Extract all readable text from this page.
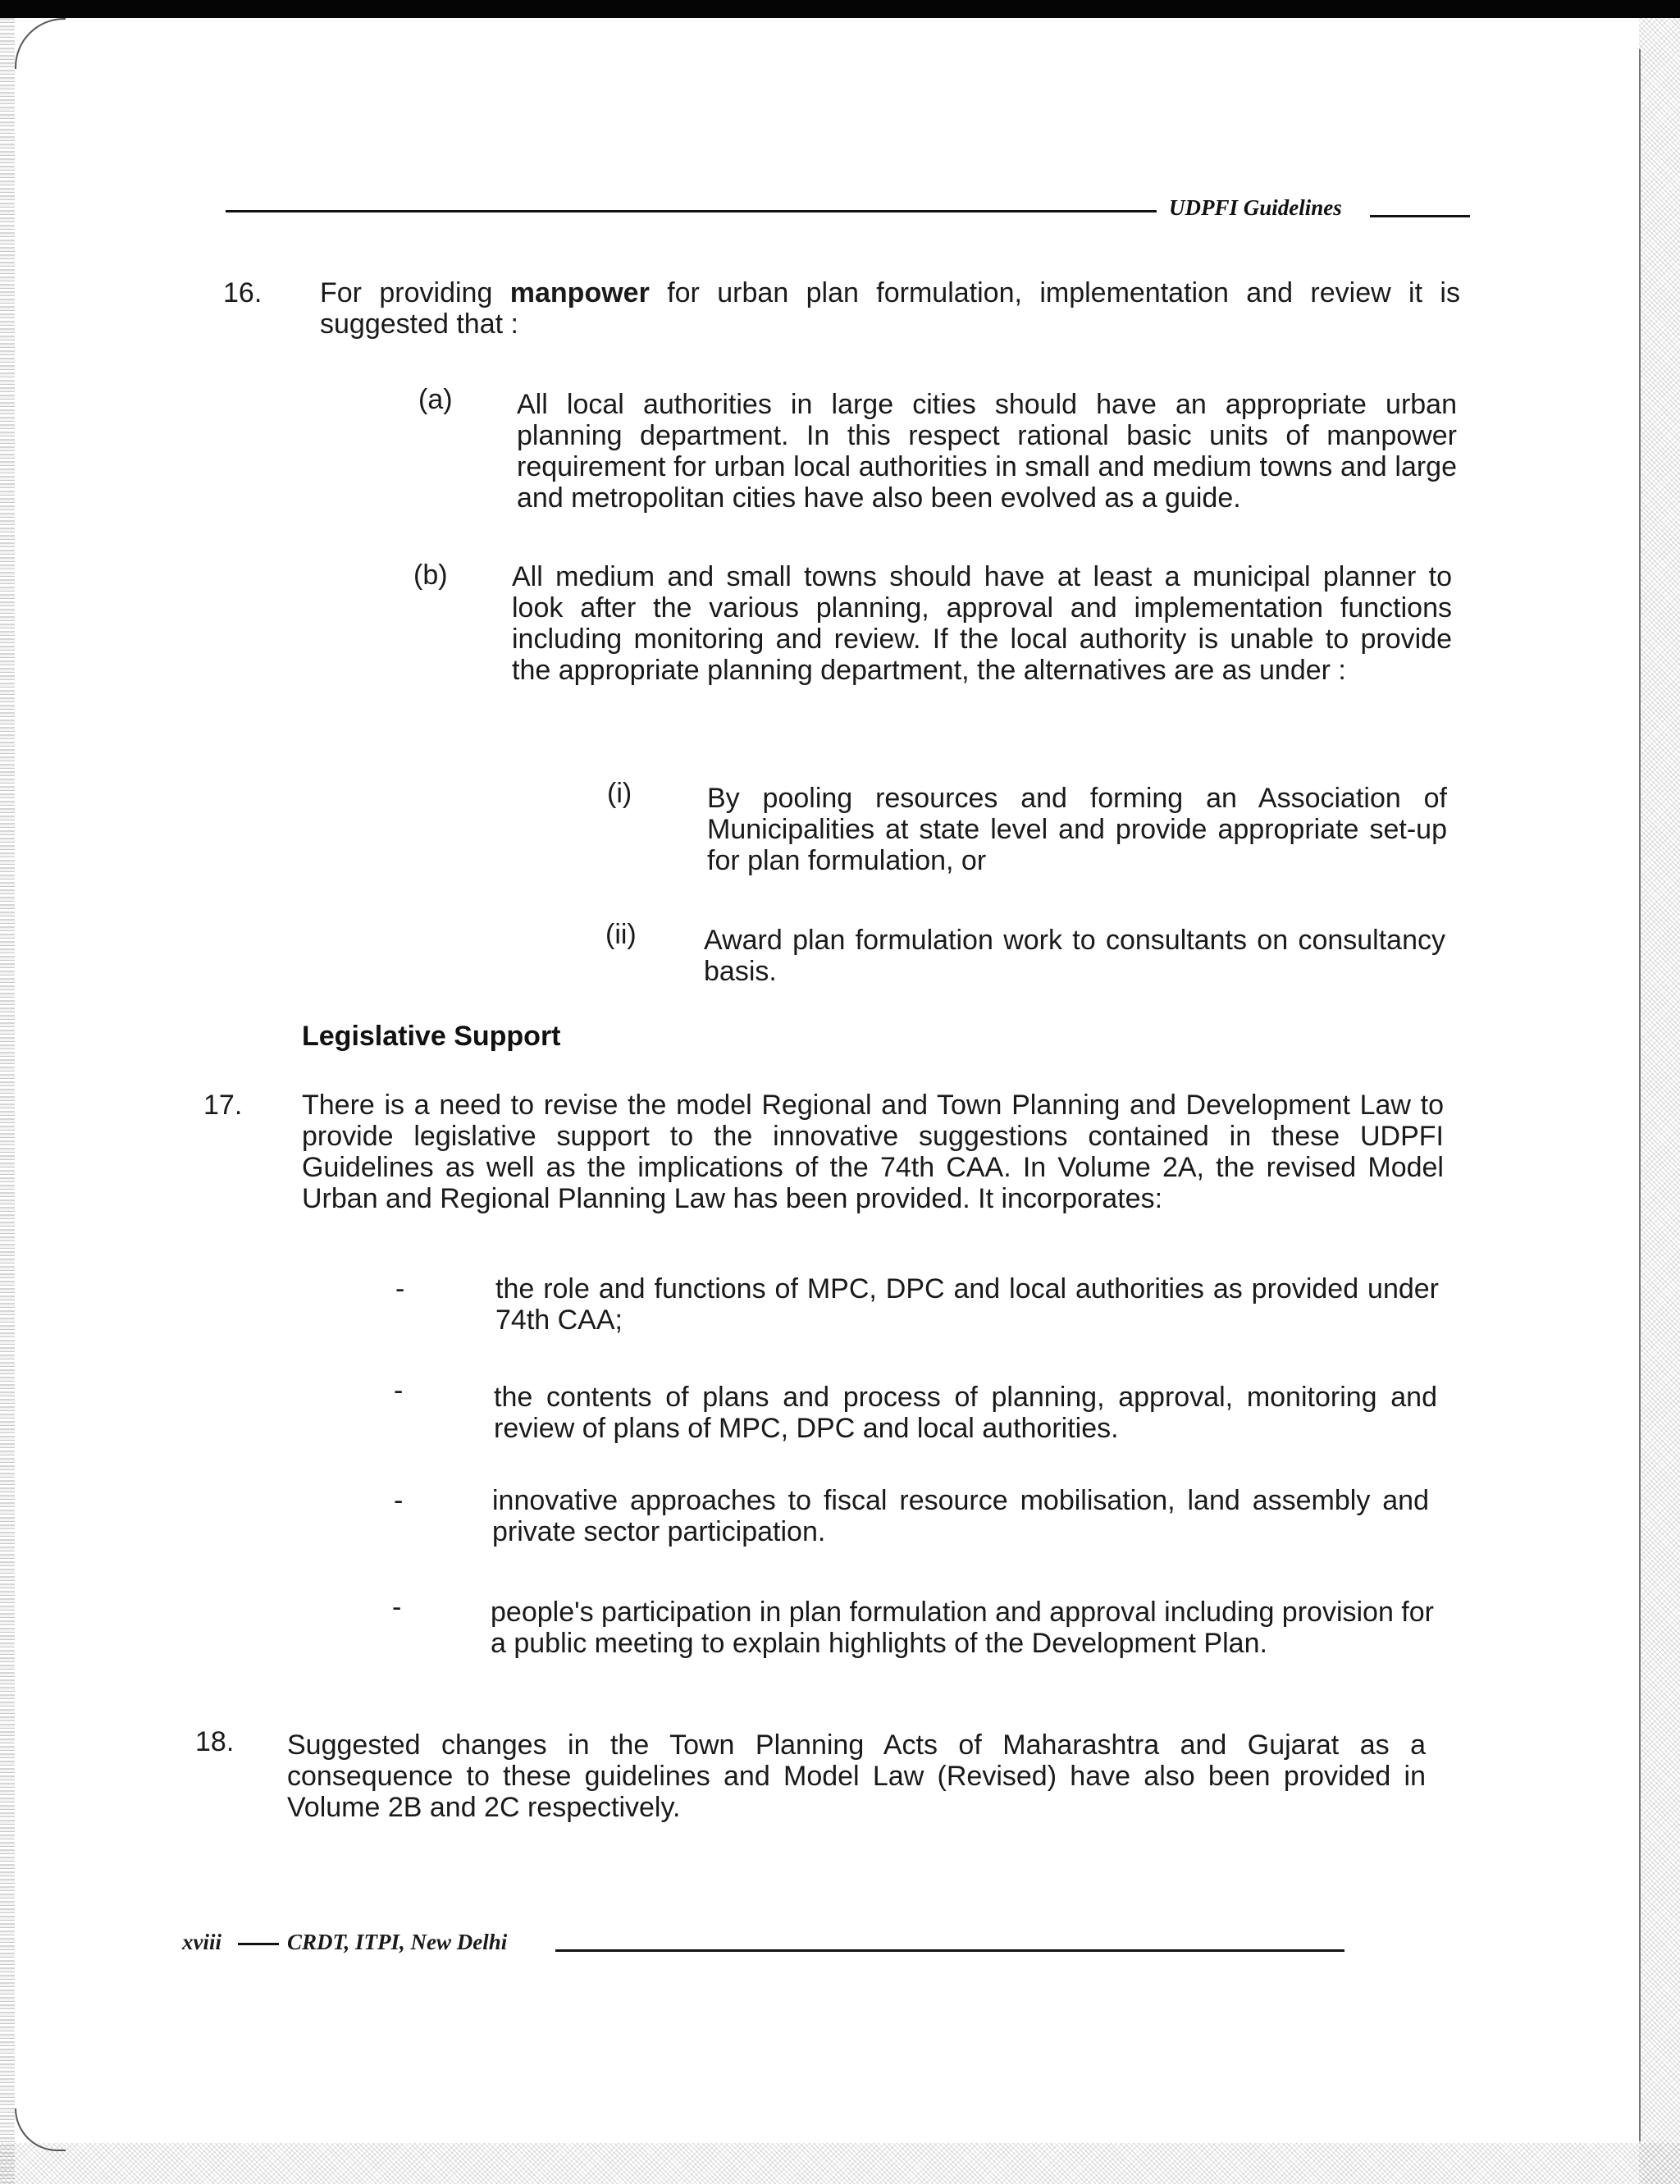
UDPFI Guidelines
16. For providing manpower for urban plan formulation, implementation and review it is suggested that :
(a) All local authorities in large cities should have an appropriate urban planning department. In this respect rational basic units of manpower requirement for urban local authorities in small and medium towns and large and metropolitan cities have also been evolved as a guide.
(b) All medium and small towns should have at least a municipal planner to look after the various planning, approval and implementation functions including monitoring and review. If the local authority is unable to provide the appropriate planning department, the alternatives are as under :
(i)	By pooling resources and forming an Association of Municipalities at state level and provide appropriate set-up for plan formulation, or
(ii) Award plan formulation work to consultants on consultancy basis.
Legislative Support
17. There is a need to revise the model Regional and Town Planning and Development Law to provide legislative support to the innovative suggestions contained in these UDPFI Guidelines as well as the implications of the 74th CAA. In Volume 2A, the revised Model Urban and Regional Planning Law has been provided. It incorporates:
-	the role and functions of MPC, DPC and local authorities as provided under 74th CAA;
-	the contents of plans and process of planning, approval, monitoring and review of plans of MPC, DPC and local authorities.
-	innovative approaches to fiscal resource mobilisation, land assembly and private sector participation.
-	people's participation in plan formulation and approval including provision for a public meeting to explain highlights of the Development Plan.
18. Suggested changes in the Town Planning Acts of Maharashtra and Gujarat as a consequence to these guidelines and Model Law (Revised) have also been provided in Volume 2B and 2C respectively.
xviii	CRDT, ITPI, New Delhi
